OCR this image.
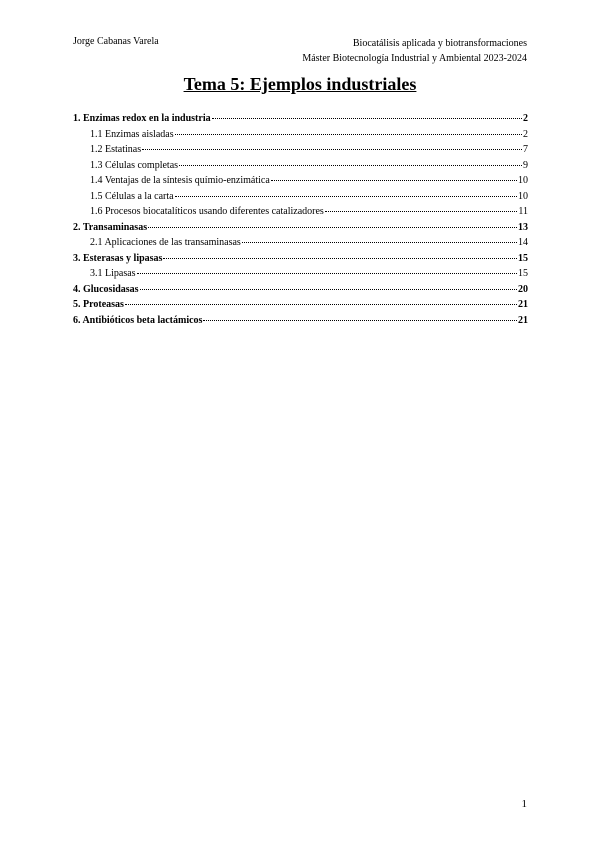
Jorge Cabanas Varela	Biocatálisis aplicada y biotransformaciones
Máster Biotecnología Industrial y Ambiental 2023-2024
Tema 5: Ejemplos industriales
1. Enzimas redox en la industria	2
1.1 Enzimas aisladas	2
1.2 Estatinas	7
1.3 Células completas	9
1.4 Ventajas de la síntesis químio-enzimática	10
1.5 Células a la carta	10
1.6 Procesos biocatalíticos usando diferentes catalizadores	11
2. Transaminasas	13
2.1 Aplicaciones de las transaminasas	14
3. Esterasas y lipasas	15
3.1 Lipasas	15
4. Glucosidasas	20
5. Proteasas	21
6. Antibióticos beta lactámicos	21
1
